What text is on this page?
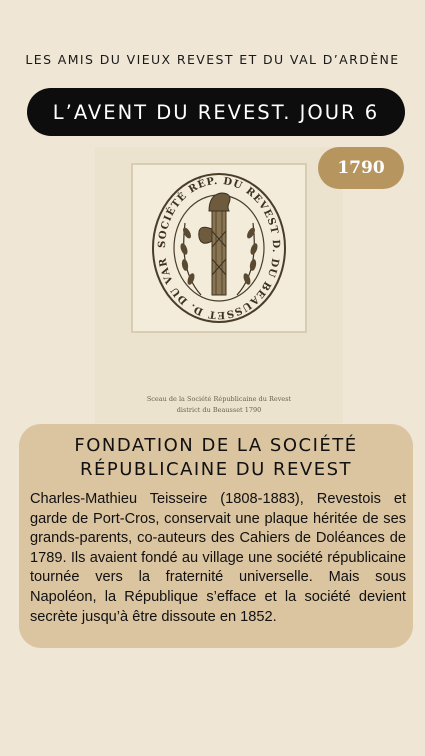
LES AMIS DU VIEUX REVEST ET DU VAL D’ARDÈNE
L’AVENT DU REVEST. JOUR 6
SOCIÉTÉ RÉP. DU REVEST D. DU BEAUSSET D. DU VAR
Sceau de la Société Républicaine du Revest
district du Beausset 1790
1790
FONDATION DE LA SOCIÉTÉ
RÉPUBLICAINE DU REVEST
Charles-Mathieu Teisseire (1808-1883), Revestois et garde de Port-Cros, conservait une plaque héritée de ses grands-parents, co-auteurs des Cahiers de Doléances de 1789. Ils avaient fondé au village une société républicaine tournée vers la fraternité universelle. Mais sous Napoléon, la République s’efface et la société devient secrète jusqu’à être dissoute en 1852.
